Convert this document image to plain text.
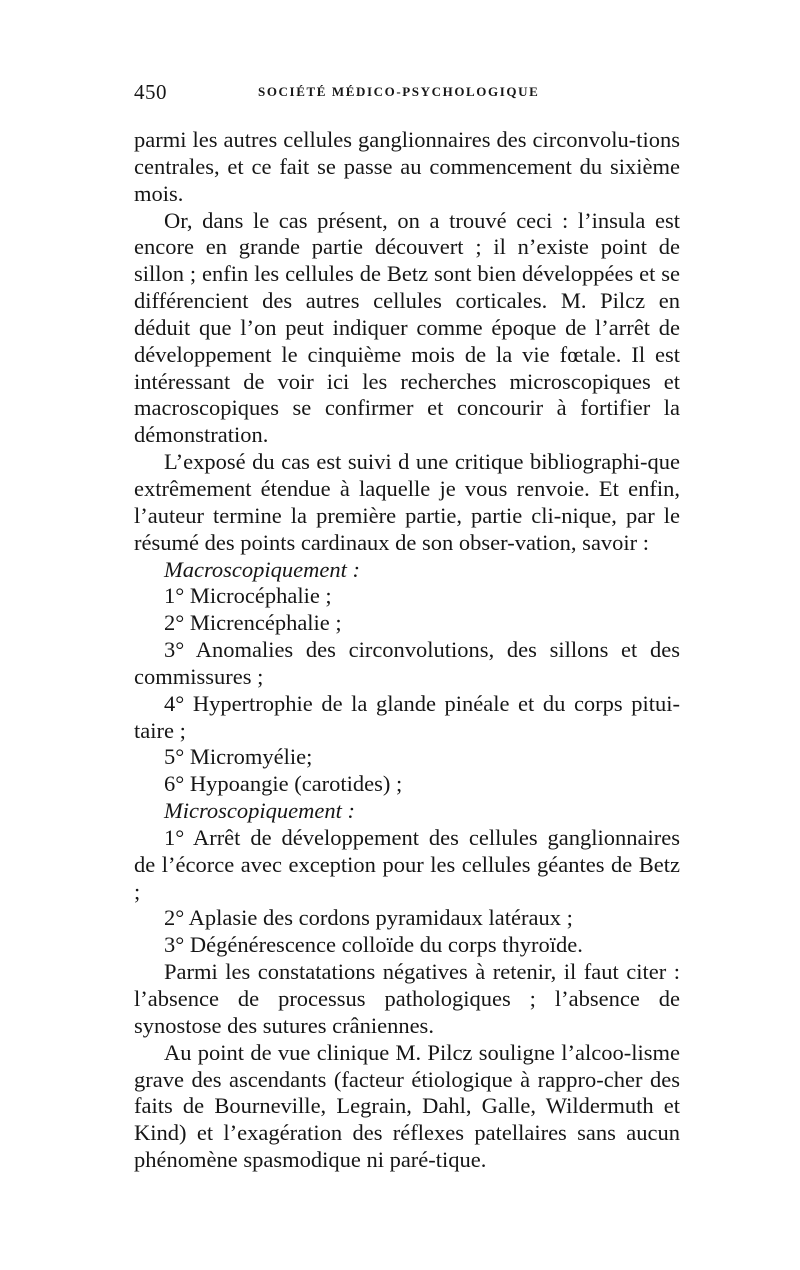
450	SOCIÉTÉ MÉDICO-PSYCHOLOGIQUE

parmi les autres cellules ganglionnaires des circonvolu-tions centrales, et ce fait se passe au commencement du sixième mois.

Or, dans le cas présent, on a trouvé ceci : l’insula est encore en grande partie découvert ; il n’existe point de sillon ; enfin les cellules de Betz sont bien développées et se différencient des autres cellules corticales. M. Pilcz en déduit que l’on peut indiquer comme époque de l’arrêt de développement le cinquième mois de la vie fœtale. Il est intéressant de voir ici les recherches microscopiques et macroscopiques se confirmer et concourir à fortifier la démonstration.

L’exposé du cas est suivi d une critique bibliographi-que extrêmement étendue à laquelle je vous renvoie. Et enfin, l’auteur termine la première partie, partie cli-nique, par le résumé des points cardinaux de son obser-vation, savoir :

Macroscopiquement :

1° Microcéphalie ;

2° Micrencéphalie ;

3° Anomalies des circonvolutions, des sillons et des commissures ;

4° Hypertrophie de la glande pinéale et du corps pitui-taire ;

5° Micromyélie;

6° Hypoangie (carotides) ;

Microscopiquement :

1° Arrêt de développement des cellules ganglionnaires de l’écorce avec exception pour les cellules géantes de Betz ;

2° Aplasie des cordons pyramidaux latéraux ;

3° Dégénérescence colloïde du corps thyroïde.

Parmi les constatations négatives à retenir, il faut citer : l’absence de processus pathologiques ; l’absence de synostose des sutures crâniennes.

Au point de vue clinique M. Pilcz souligne l’alcoo-lisme grave des ascendants (facteur étiologique à rappro-cher des faits de Bourneville, Legrain, Dahl, Galle, Wildermuth et Kind) et l’exagération des réflexes patellaires sans aucun phénomène spasmodique ni paré-tique.
